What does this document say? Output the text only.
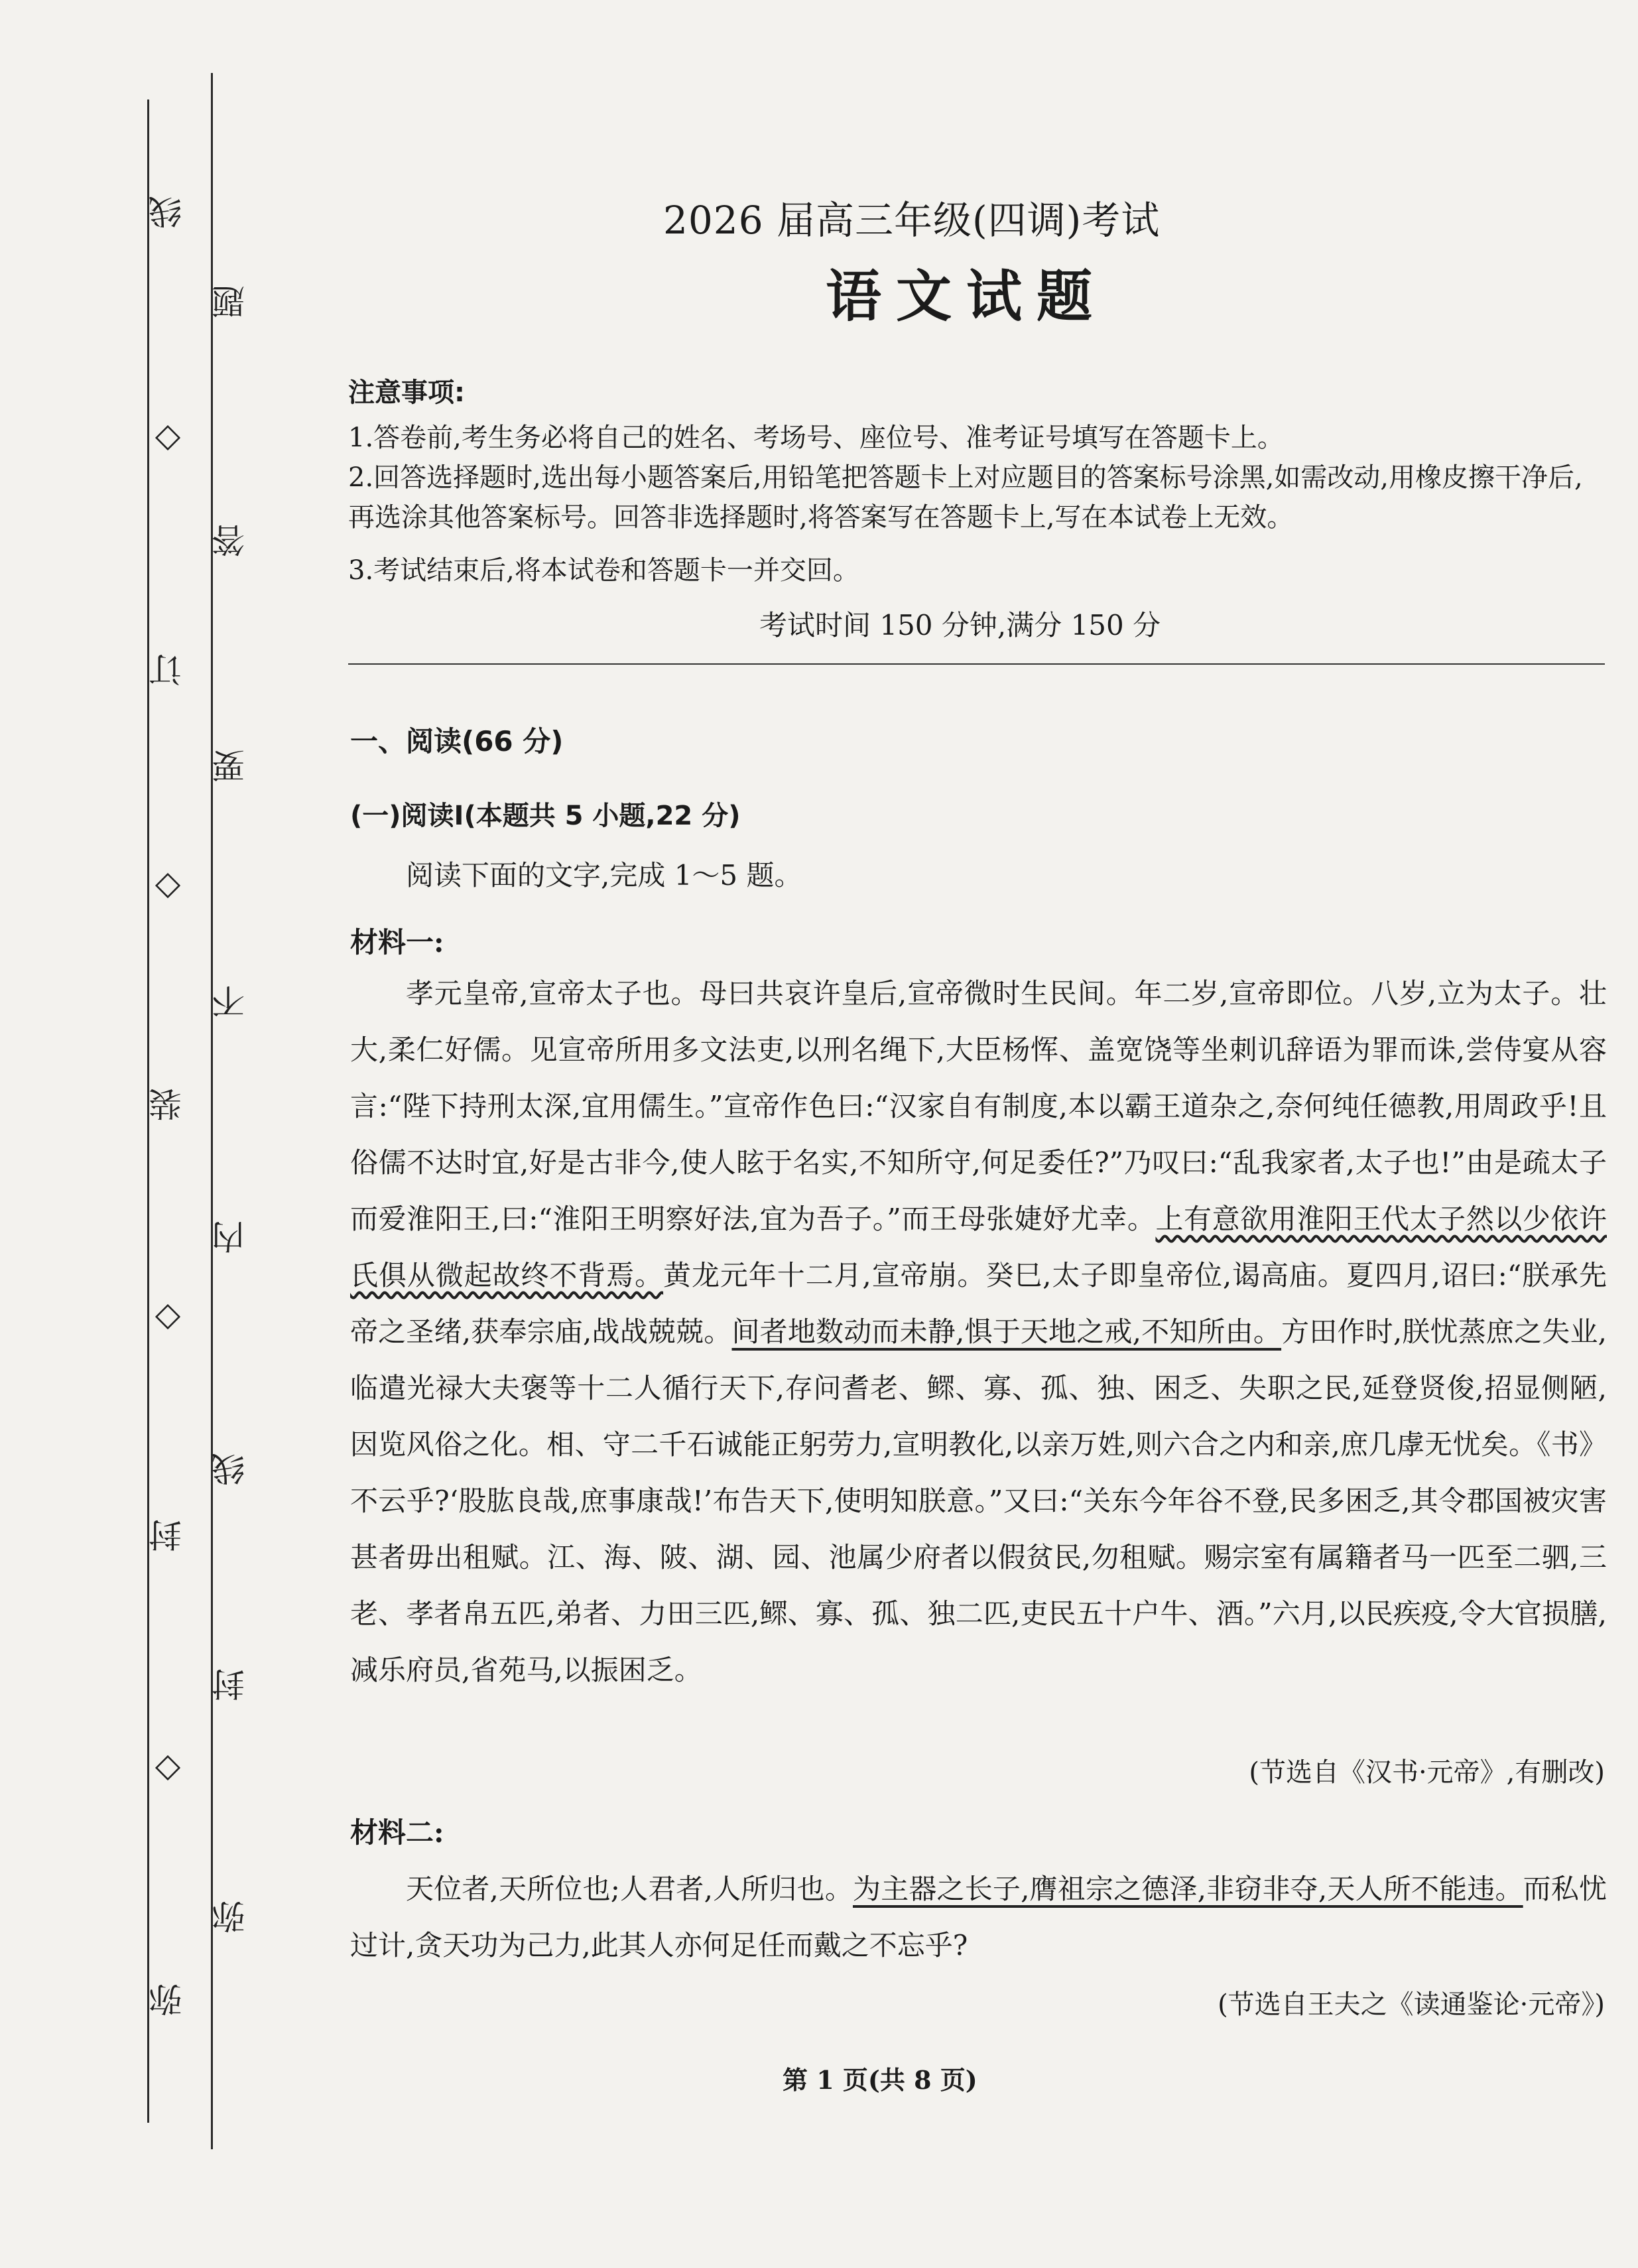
弥
◇
封
◇
装
◇
订
◇
线
弥
封
线
内
不
要
答
题
2026 届高三年级(四调)考试
语文试题
注意事项:
1.答卷前,考生务必将自己的姓名、考场号、座位号、准考证号填写在答题卡上。
2.回答选择题时,选出每小题答案后,用铅笔把答题卡上对应题目的答案标号涂黑,如需改动,用橡皮擦干净后,再选涂其他答案标号。回答非选择题时,将答案写在答题卡上,写在本试卷上无效。
3.考试结束后,将本试卷和答题卡一并交回。
考试时间 150 分钟,满分 150 分
一、阅读(66 分)
(一)阅读Ⅰ(本题共 5 小题,22 分)
阅读下面的文字,完成 1～5 题。
材料一:
孝元皇帝,宣帝太子也。母曰共哀许皇后,宣帝微时生民间。年二岁,宣帝即位。八岁,立为太子。壮大,柔仁好儒。见宣帝所用多文法吏,以刑名绳下,大臣杨恽、盖宽饶等坐刺讥辞语为罪而诛,尝侍宴从容言:“陛下持刑太深,宜用儒生。”宣帝作色曰:“汉家自有制度,本以霸王道杂之,奈何纯任德教,用周政乎!且俗儒不达时宜,好是古非今,使人眩于名实,不知所守,何足委任?”乃叹曰:“乱我家者,太子也!”由是疏太子而爱淮阳王,曰:“淮阳王明察好法,宜为吾子。”而王母张婕妤尤幸。上有意欲用淮阳王代太子然以少依许氏俱从微起故终不背焉。黄龙元年十二月,宣帝崩。癸巳,太子即皇帝位,谒高庙。夏四月,诏曰:“朕承先帝之圣绪,获奉宗庙,战战兢兢。间者地数动而未静,惧于天地之戒,不知所由。方田作时,朕忧蒸庶之失业,临遣光禄大夫褒等十二人循行天下,存问耆老、鳏、寡、孤、独、困乏、失职之民,延登贤俊,招显侧陋,因览风俗之化。相、守二千石诚能正躬劳力,宣明教化,以亲万姓,则六合之内和亲,庶几虖无忧矣。《书》不云乎?‘股肱良哉,庶事康哉!’布告天下,使明知朕意。”又曰:“关东今年谷不登,民多困乏,其令郡国被灾害甚者毋出租赋。江、海、陂、湖、园、池属少府者以假贫民,勿租赋。赐宗室有属籍者马一匹至二驷,三老、孝者帛五匹,弟者、力田三匹,鳏、寡、孤、独二匹,吏民五十户牛、酒。”六月,以民疾疫,令大官损膳,减乐府员,省苑马,以振困乏。
(节选自《汉书·元帝》,有删改)
材料二:
天位者,天所位也;人君者,人所归也。为主器之长子,膺祖宗之德泽,非窃非夺,天人所不能违。而私忧过计,贪天功为己力,此其人亦何足任而戴之不忘乎?
(节选自王夫之《读通鉴论·元帝》)
第 1 页(共 8 页)
